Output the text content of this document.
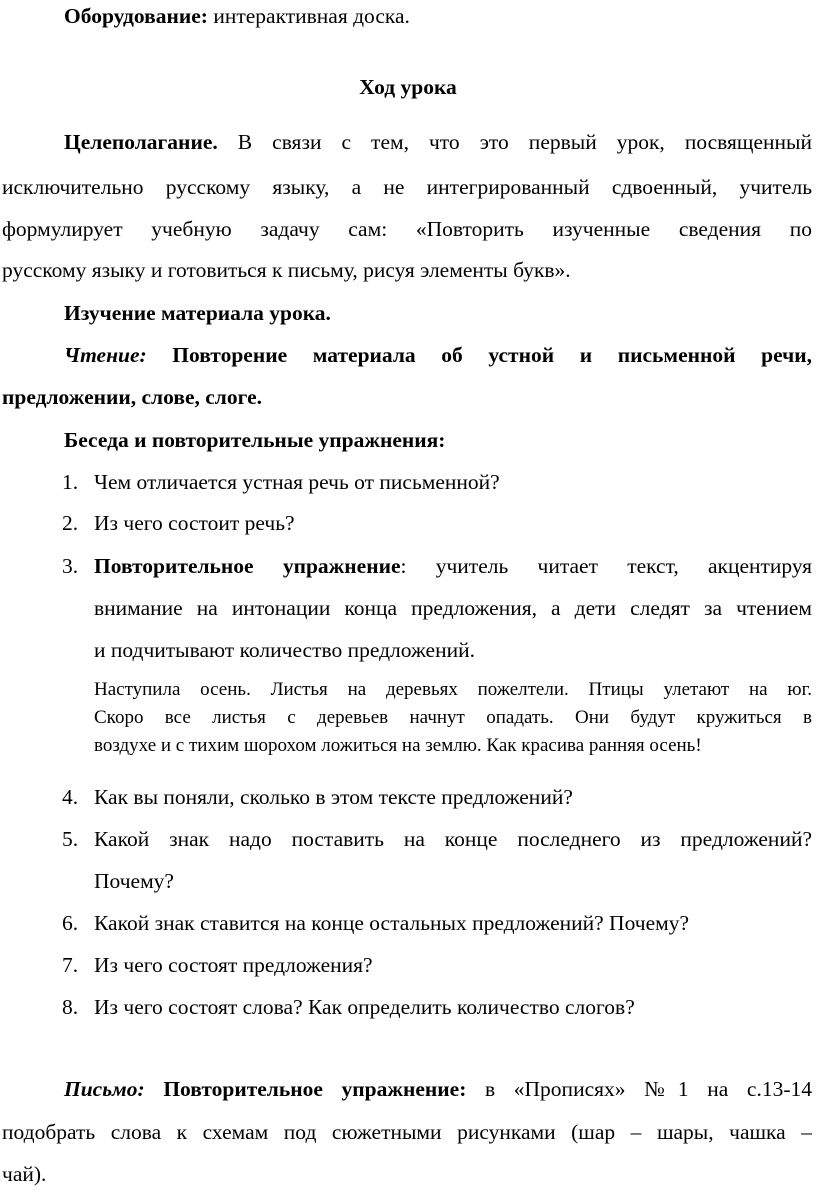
Оборудование: интерактивная доска.
Ход урока
Целеполагание. В связи с тем, что это первый урок, посвященный
исключительно русскому языку, а не интегрированный сдвоенный, учитель
формулирует учебную задачу сам: «Повторить изученные сведения по
русскому языку и готовиться к письму, рисуя элементы букв».
Изучение материала урока.
Чтение: Повторение материала об устной и письменной речи,
предложении, слове, слоге.
Беседа и повторительные упражнения:
1. Чем отличается устная речь от письменной?
2. Из чего состоит речь?
3. Повторительное упражнение: учитель читает текст, акцентируя
внимание на интонации конца предложения, а дети следят за чтением
и подчитывают количество предложений.
Наступила осень. Листья на деревьях пожелтели. Птицы улетают на юг.
Скоро все листья с деревьев начнут опадать. Они будут кружиться в
воздухе и с тихим шорохом ложиться на землю. Как красива ранняя осень!
4. Как вы поняли, сколько в этом тексте предложений?
5. Какой знак надо поставить на конце последнего из предложений?
Почему?
6. Какой знак ставится на конце остальных предложений? Почему?
7. Из чего состоят предложения?
8. Из чего состоят слова? Как определить количество слогов?
Письмо: Повторительное упражнение: в «Прописях» №1 на с.13-14
подобрать слова к схемам под сюжетными рисунками (шар – шары, чашка –
чай).
